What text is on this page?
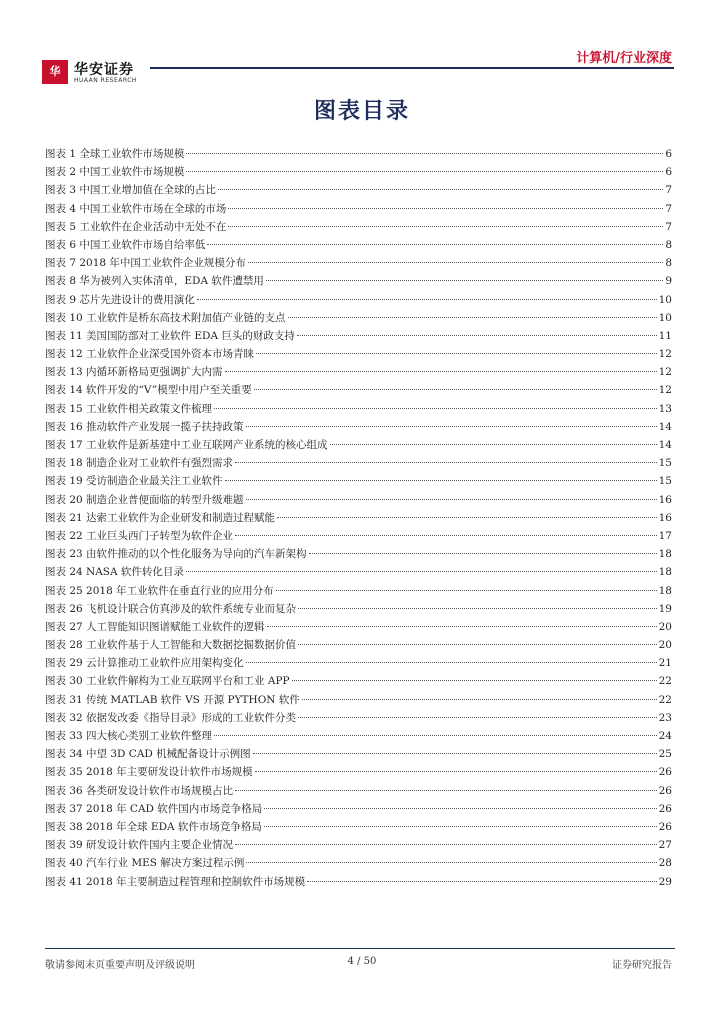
华 华安证券
HUAAN RESEARCH
计算机/行业深度
图表目录
图表 1 全球工业软件市场规模	6
图表 2 中国工业软件市场规模	6
图表 3 中国工业增加值在全球的占比	7
图表 4 中国工业软件市场在全球的市场	7
图表 5 工业软件在企业活动中无处不在	7
图表 6 中国工业软件市场自给率低	8
图表 7 2018 年中国工业软件企业规模分布	8
图表 8 华为被列入实体清单，EDA 软件遭禁用	9
图表 9 芯片先进设计的费用演化	10
图表 10 工业软件是桥东高技术附加值产业链的支点	10
图表 11 美国国防部对工业软件 EDA 巨头的财政支持	11
图表 12 工业软件企业深受国外资本市场青睐	12
图表 13 内循环新格局更强调扩大内需	12
图表 14 软件开发的“V”模型中用户至关重要	12
图表 15 工业软件相关政策文件梳理	13
图表 16 推动软件产业发展一揽子扶持政策	14
图表 17 工业软件是新基建中工业互联网产业系统的核心组成	14
图表 18 制造企业对工业软件有强烈需求	15
图表 19 受访制造企业最关注工业软件	15
图表 20 制造企业普便面临的转型升级难题	16
图表 21 达索工业软件为企业研发和制造过程赋能	16
图表 22 工业巨头西门子转型为软件企业	17
图表 23 由软件推动的以个性化服务为导向的汽车新架构	18
图表 24 NASA 软件转化目录	18
图表 25 2018 年工业软件在垂直行业的应用分布	18
图表 26 飞机设计联合仿真涉及的软件系统专业而复杂	19
图表 27 人工智能知识图谱赋能工业软件的逻辑	20
图表 28 工业软件基于人工智能和大数据挖掘数据价值	20
图表 29 云计算推动工业软件应用架构变化	21
图表 30 工业软件解构为工业互联网平台和工业 APP	22
图表 31 传统 MATLAB 软件 VS 开源 PYTHON 软件	22
图表 32 依据发改委《指导目录》形成的工业软件分类	23
图表 33 四大核心类别工业软件整理	24
图表 34 中望 3D CAD 机械配备设计示例图	25
图表 35 2018 年主要研发设计软件市场规模	26
图表 36 各类研发设计软件市场规模占比	26
图表 37 2018 年 CAD 软件国内市场竞争格局	26
图表 38 2018 年全球 EDA 软件市场竞争格局	26
图表 39 研发设计软件国内主要企业情况	27
图表 40 汽车行业 MES 解决方案过程示例	28
图表 41 2018 年主要制造过程管理和控制软件市场规模	29
敬请参阅末页重要声明及评级说明	4 / 50	证券研究报告
